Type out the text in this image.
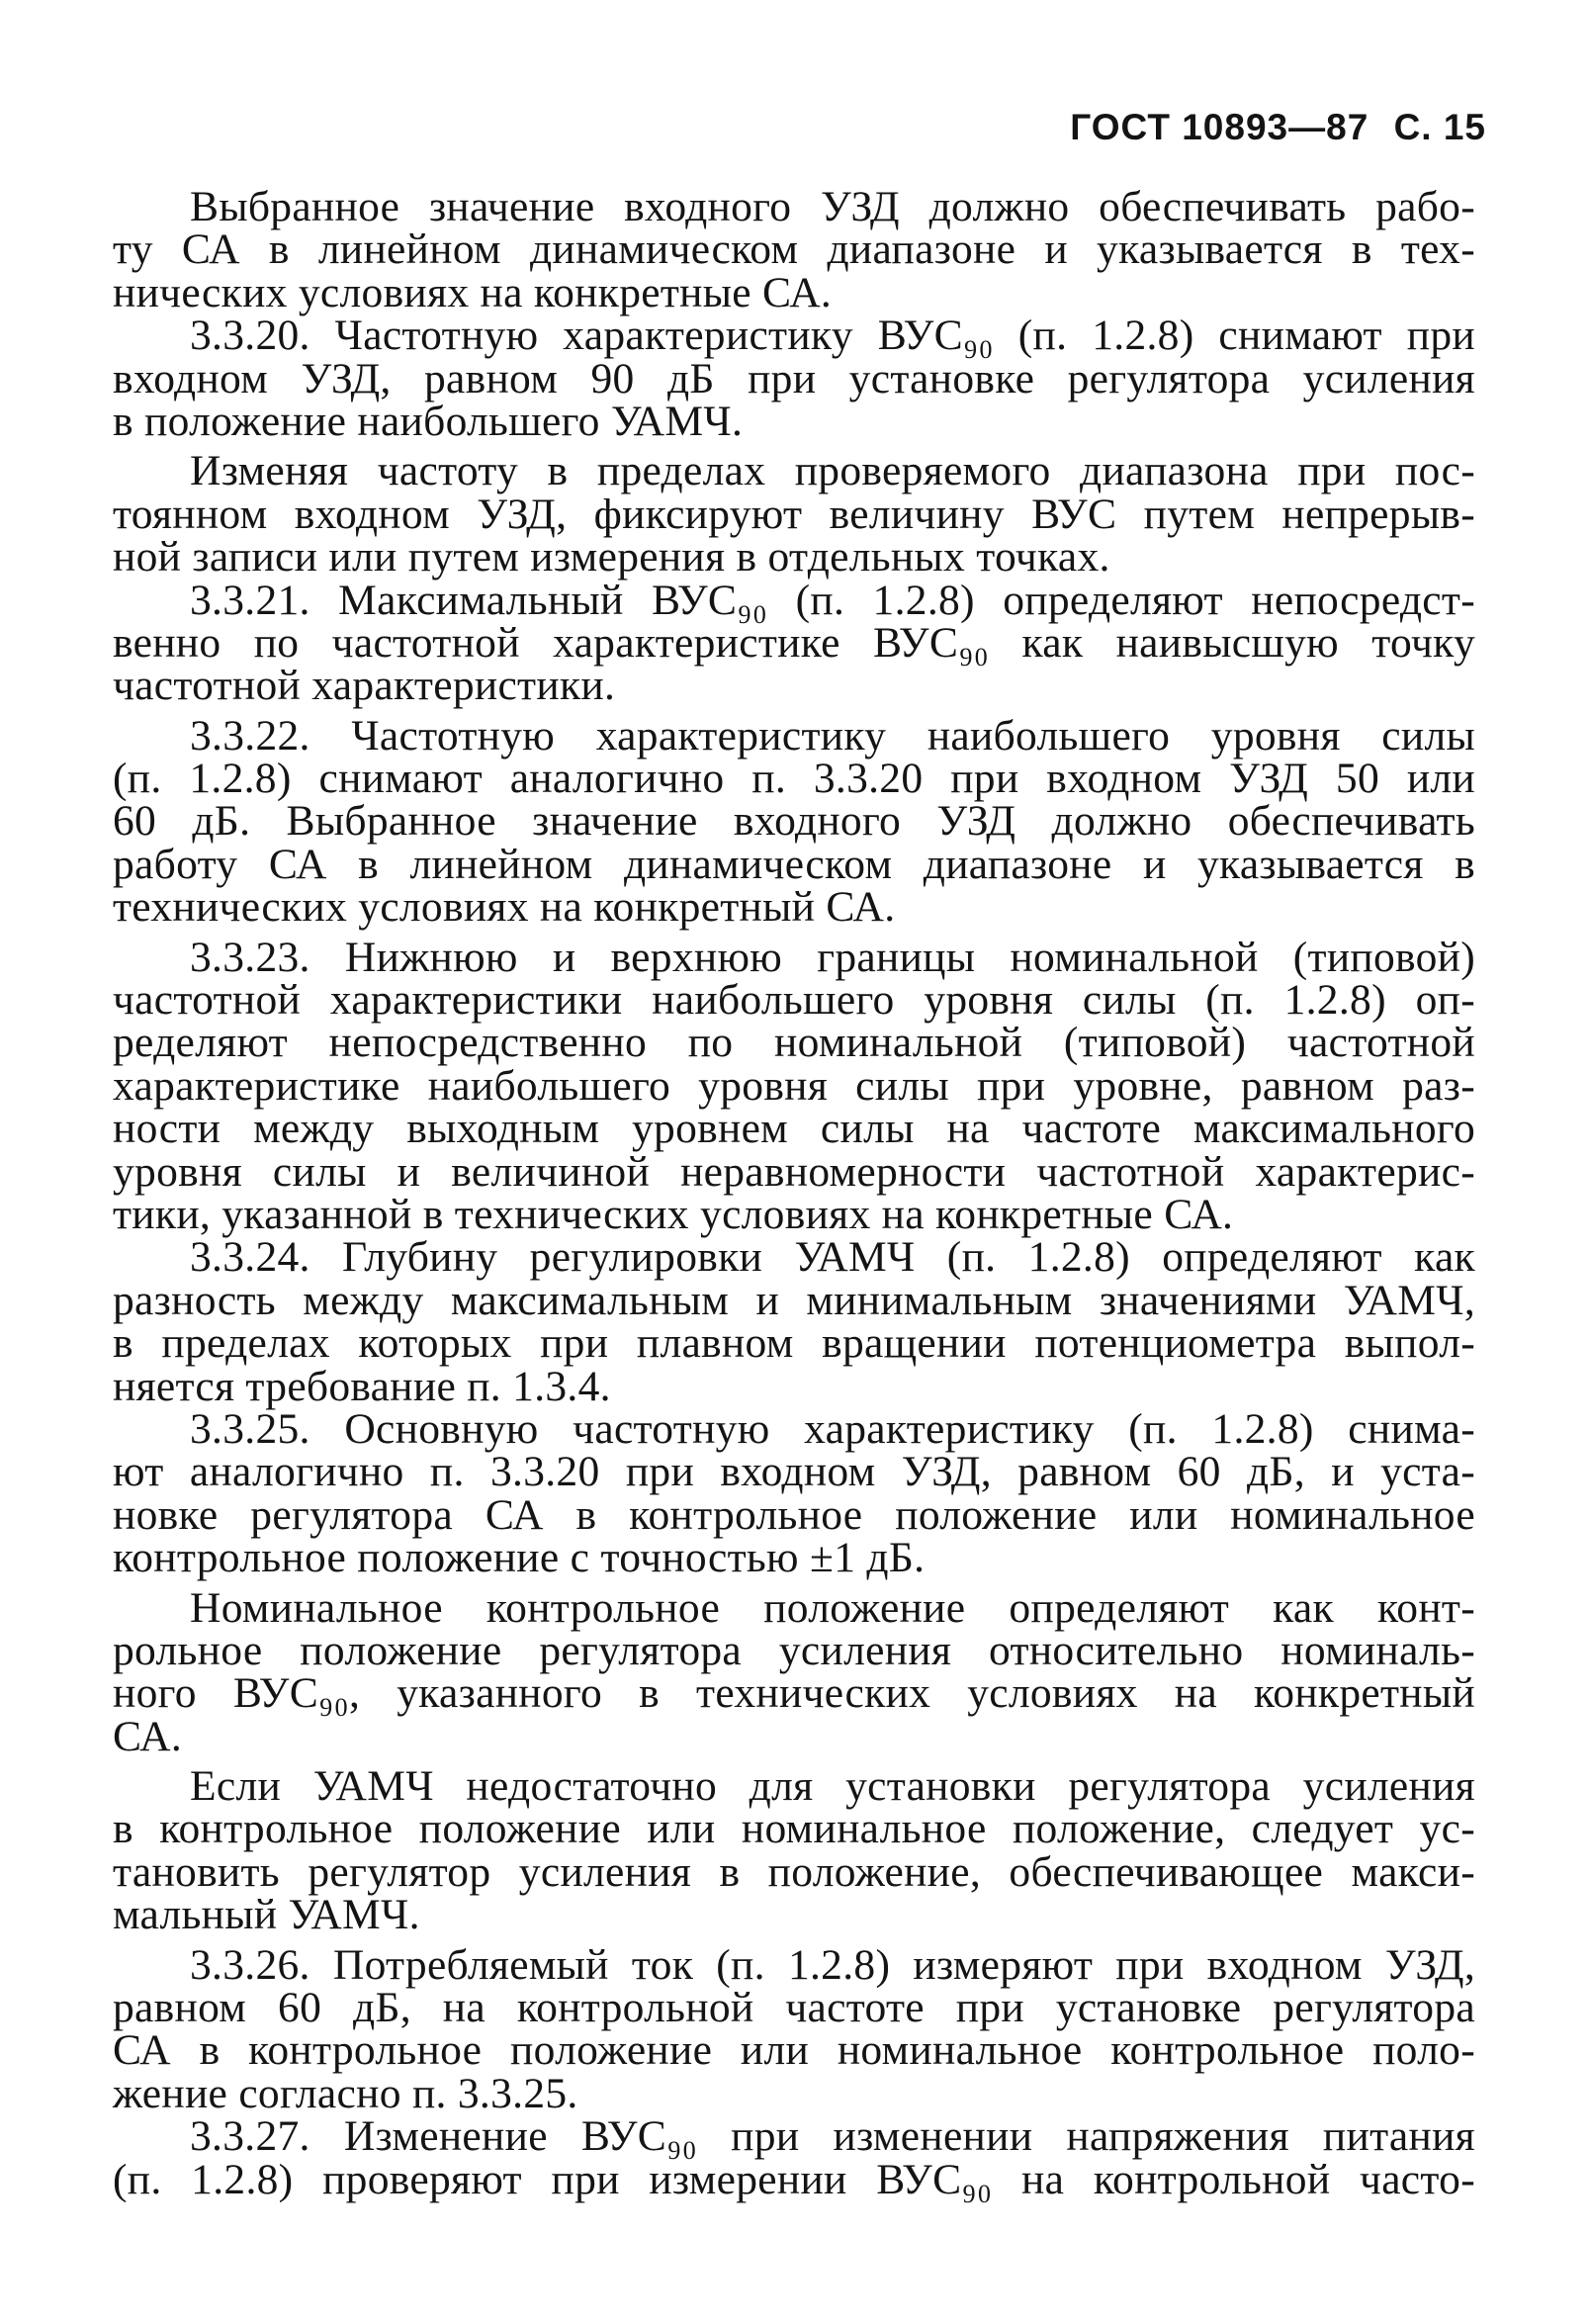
ГОСТ 10893—87 С. 15

Выбранное значение входного УЗД должно обеспечивать рабо-
ту СА в линейном динамическом диапазоне и указывается в тех-
нических условиях на конкретные СА.

3.3.20. Частотную характеристику ВУС₉₀ (п. 1.2.8) снимают при
входном УЗД, равном 90 дБ при установке регулятора усиления
в положение наибольшего УАМЧ.

Изменяя частоту в пределах проверяемого диапазона при пос-
тоянном входном УЗД, фиксируют величину ВУС путем непрерыв-
ной записи или путем измерения в отдельных точках.

3.3.21. Максимальный ВУС₉₀ (п. 1.2.8) определяют непосредст-
венно по частотной характеристике ВУС₉₀ как наивысшую точку
частотной характеристики.

3.3.22. Частотную характеристику наибольшего уровня силы
(п. 1.2.8) снимают аналогично п. 3.3.20 при входном УЗД 50 или
60 дБ. Выбранное значение входного УЗД должно обеспечивать
работу СА в линейном динамическом диапазоне и указывается в
технических условиях на конкретный СА.

3.3.23. Нижнюю и верхнюю границы номинальной (типовой)
частотной характеристики наибольшего уровня силы (п. 1.2.8) оп-
ределяют непосредственно по номинальной (типовой) частотной
характеристике наибольшего уровня силы при уровне, равном раз-
ности между выходным уровнем силы на частоте максимального
уровня силы и величиной неравномерности частотной характерис-
тики, указанной в технических условиях на конкретные СА.

3.3.24. Глубину регулировки УАМЧ (п. 1.2.8) определяют как
разность между максимальным и минимальным значениями УАМЧ,
в пределах которых при плавном вращении потенциометра выпол-
няется требование п. 1.3.4.

3.3.25. Основную частотную характеристику (п. 1.2.8) снима-
ют аналогично п. 3.3.20 при входном УЗД, равном 60 дБ, и уста-
новке регулятора СА в контрольное положение или номинальное
контрольное положение с точностью ±1 дБ.

Номинальное контрольное положение определяют как конт-
рольное положение регулятора усиления относительно номиналь-
ного ВУС₉₀, указанного в технических условиях на конкретный
СА.

Если УАМЧ недостаточно для установки регулятора усиления
в контрольное положение или номинальное положение, следует ус-
тановить регулятор усиления в положение, обеспечивающее макси-
мальный УАМЧ.

3.3.26. Потребляемый ток (п. 1.2.8) измеряют при входном УЗД,
равном 60 дБ, на контрольной частоте при установке регулятора
СА в контрольное положение или номинальное контрольное поло-
жение согласно п. 3.3.25.

3.3.27. Изменение ВУС₉₀ при изменении напряжения питания
(п. 1.2.8) проверяют при измерении ВУС₉₀ на контрольной часто-
